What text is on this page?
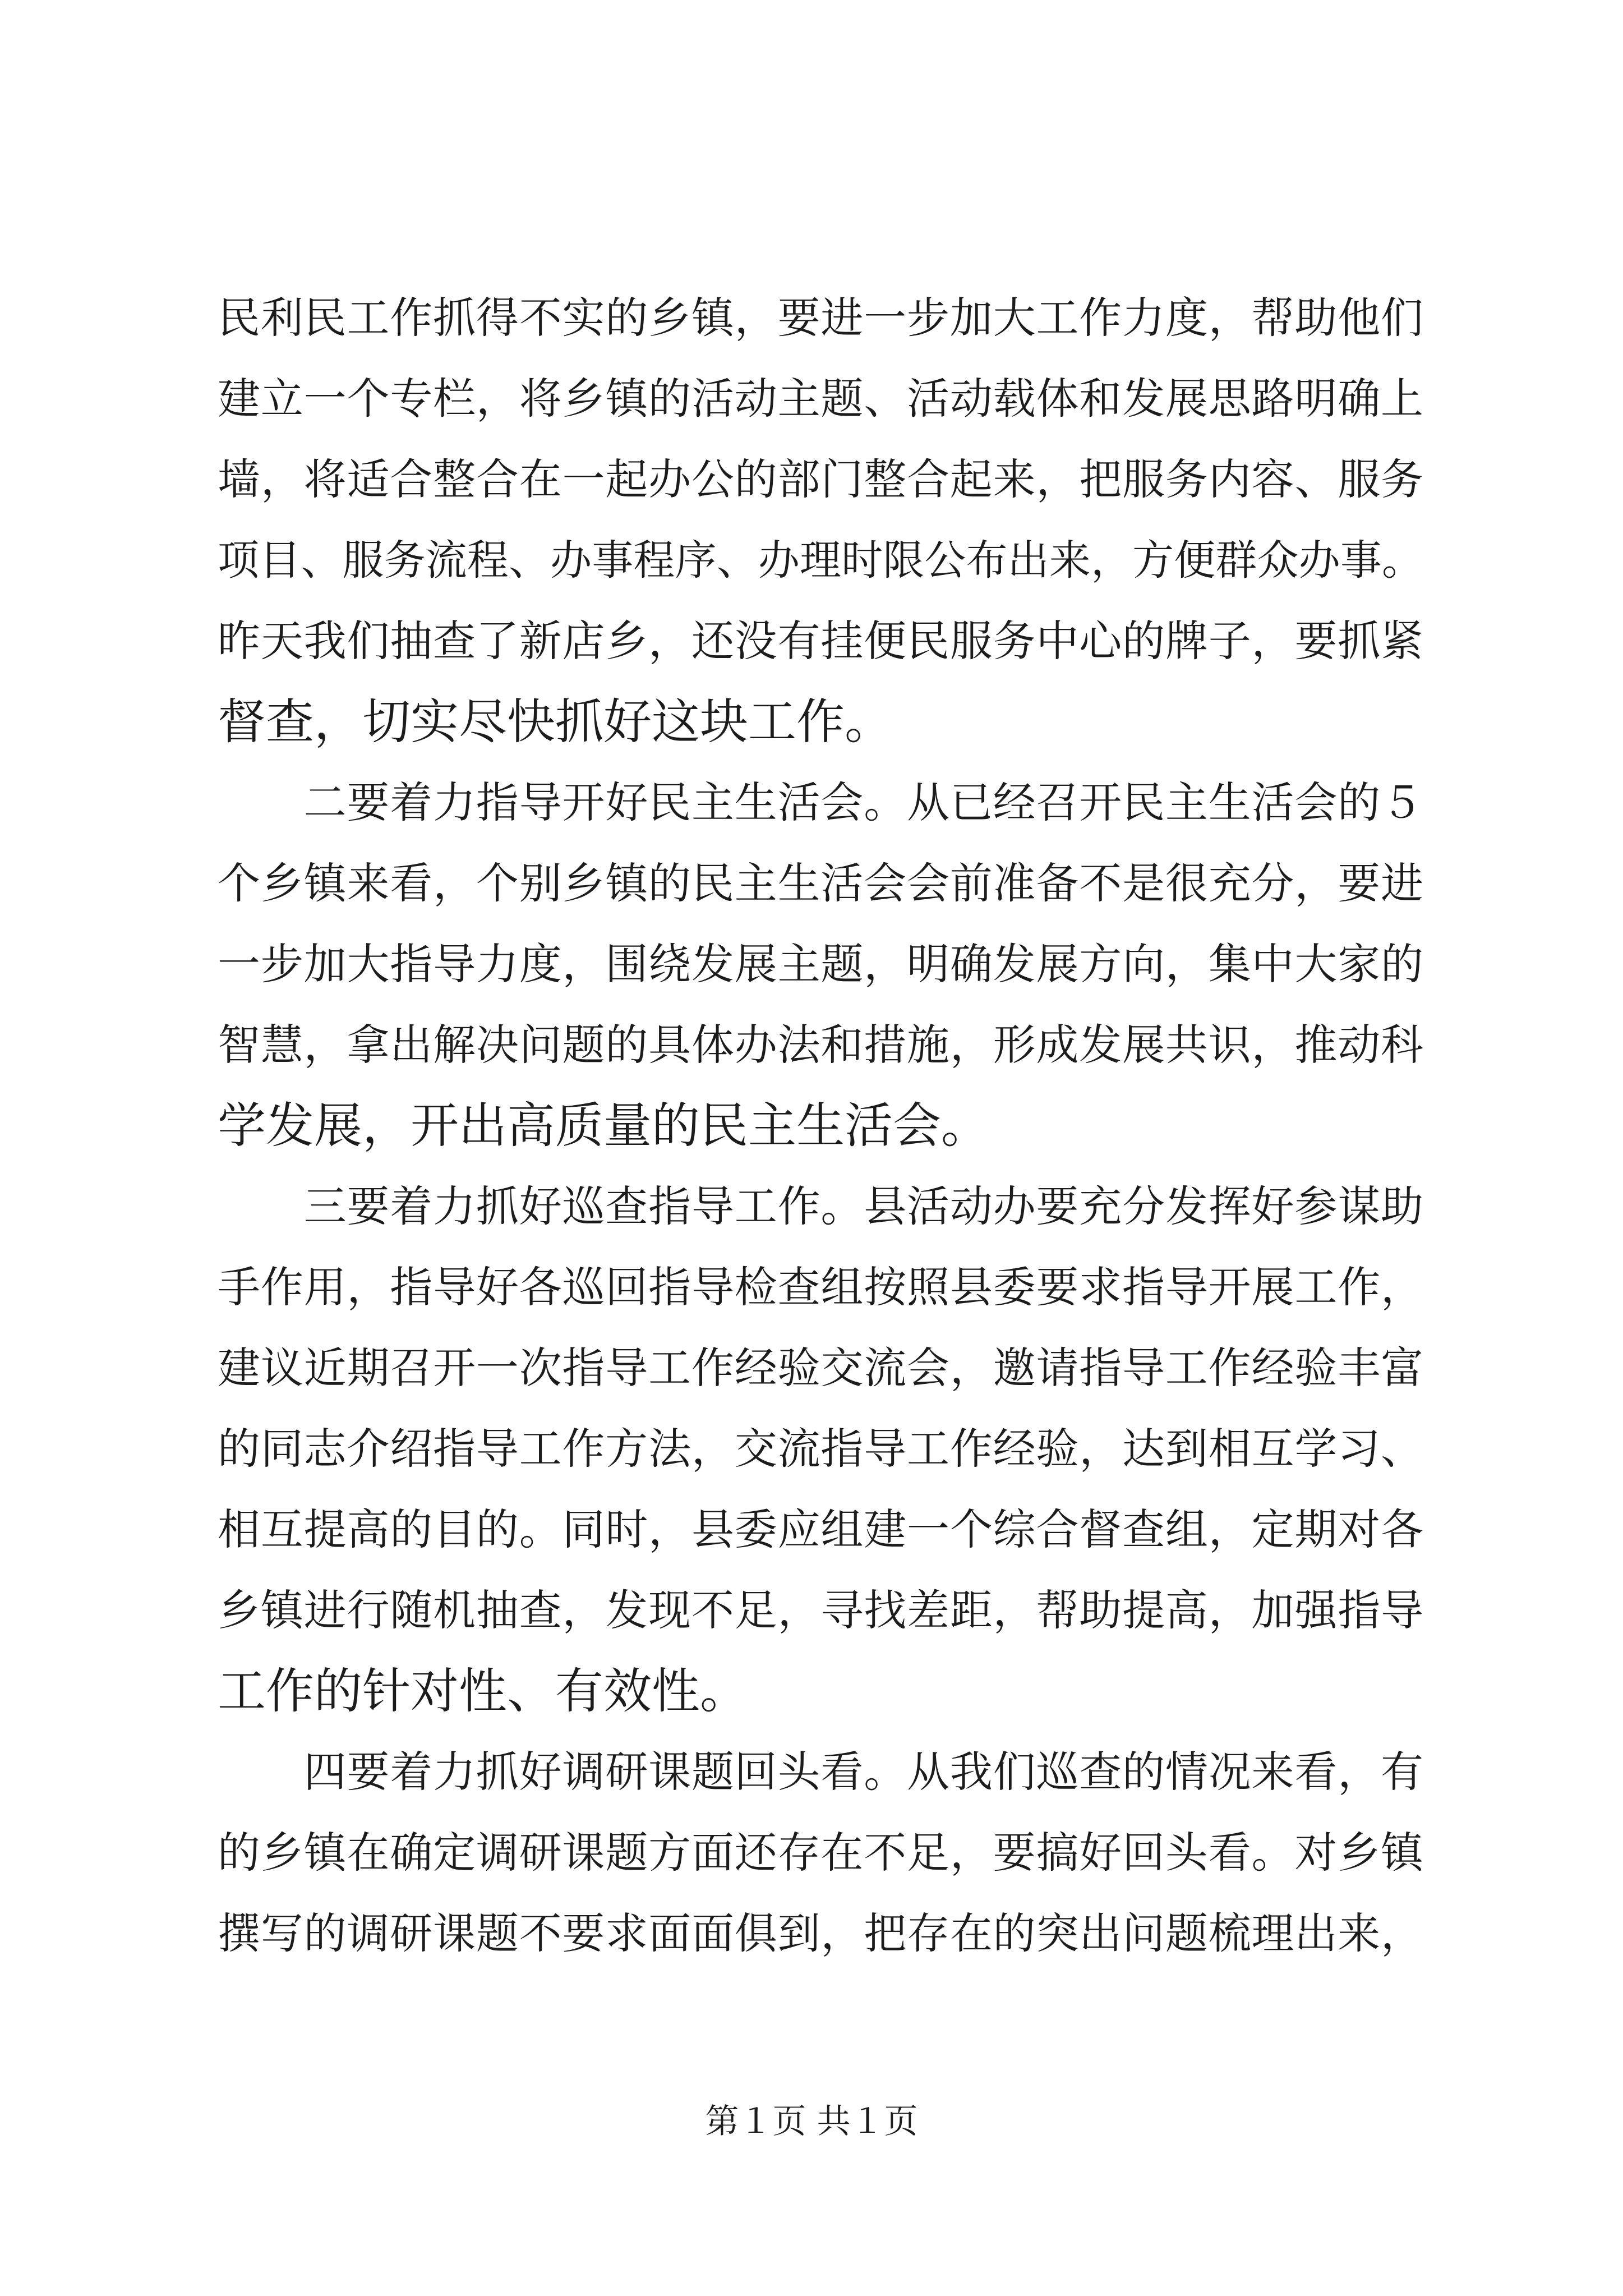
民利民工作抓得不实的乡镇，要进一步加大工作力度，帮助他们
建立一个专栏，将乡镇的活动主题、活动载体和发展思路明确上
墙，将适合整合在一起办公的部门整合起来，把服务内容、服务
项目、服务流程、办事程序、办理时限公布出来，方便群众办事。
昨天我们抽查了新店乡，还没有挂便民服务中心的牌子，要抓紧
督查，切实尽快抓好这块工作。
　　二要着力指导开好民主生活会。从已经召开民主生活会的５
个乡镇来看，个别乡镇的民主生活会会前准备不是很充分，要进
一步加大指导力度，围绕发展主题，明确发展方向，集中大家的
智慧，拿出解决问题的具体办法和措施，形成发展共识，推动科
学发展，开出高质量的民主生活会。
　　三要着力抓好巡查指导工作。县活动办要充分发挥好参谋助
手作用，指导好各巡回指导检查组按照县委要求指导开展工作，
建议近期召开一次指导工作经验交流会，邀请指导工作经验丰富
的同志介绍指导工作方法，交流指导工作经验，达到相互学习、
相互提高的目的。同时，县委应组建一个综合督查组，定期对各
乡镇进行随机抽查，发现不足，寻找差距，帮助提高，加强指导
工作的针对性、有效性。
　　四要着力抓好调研课题回头看。从我们巡查的情况来看，有
的乡镇在确定调研课题方面还存在不足，要搞好回头看。对乡镇
撰写的调研课题不要求面面俱到，把存在的突出问题梳理出来，
第１页 共１页
